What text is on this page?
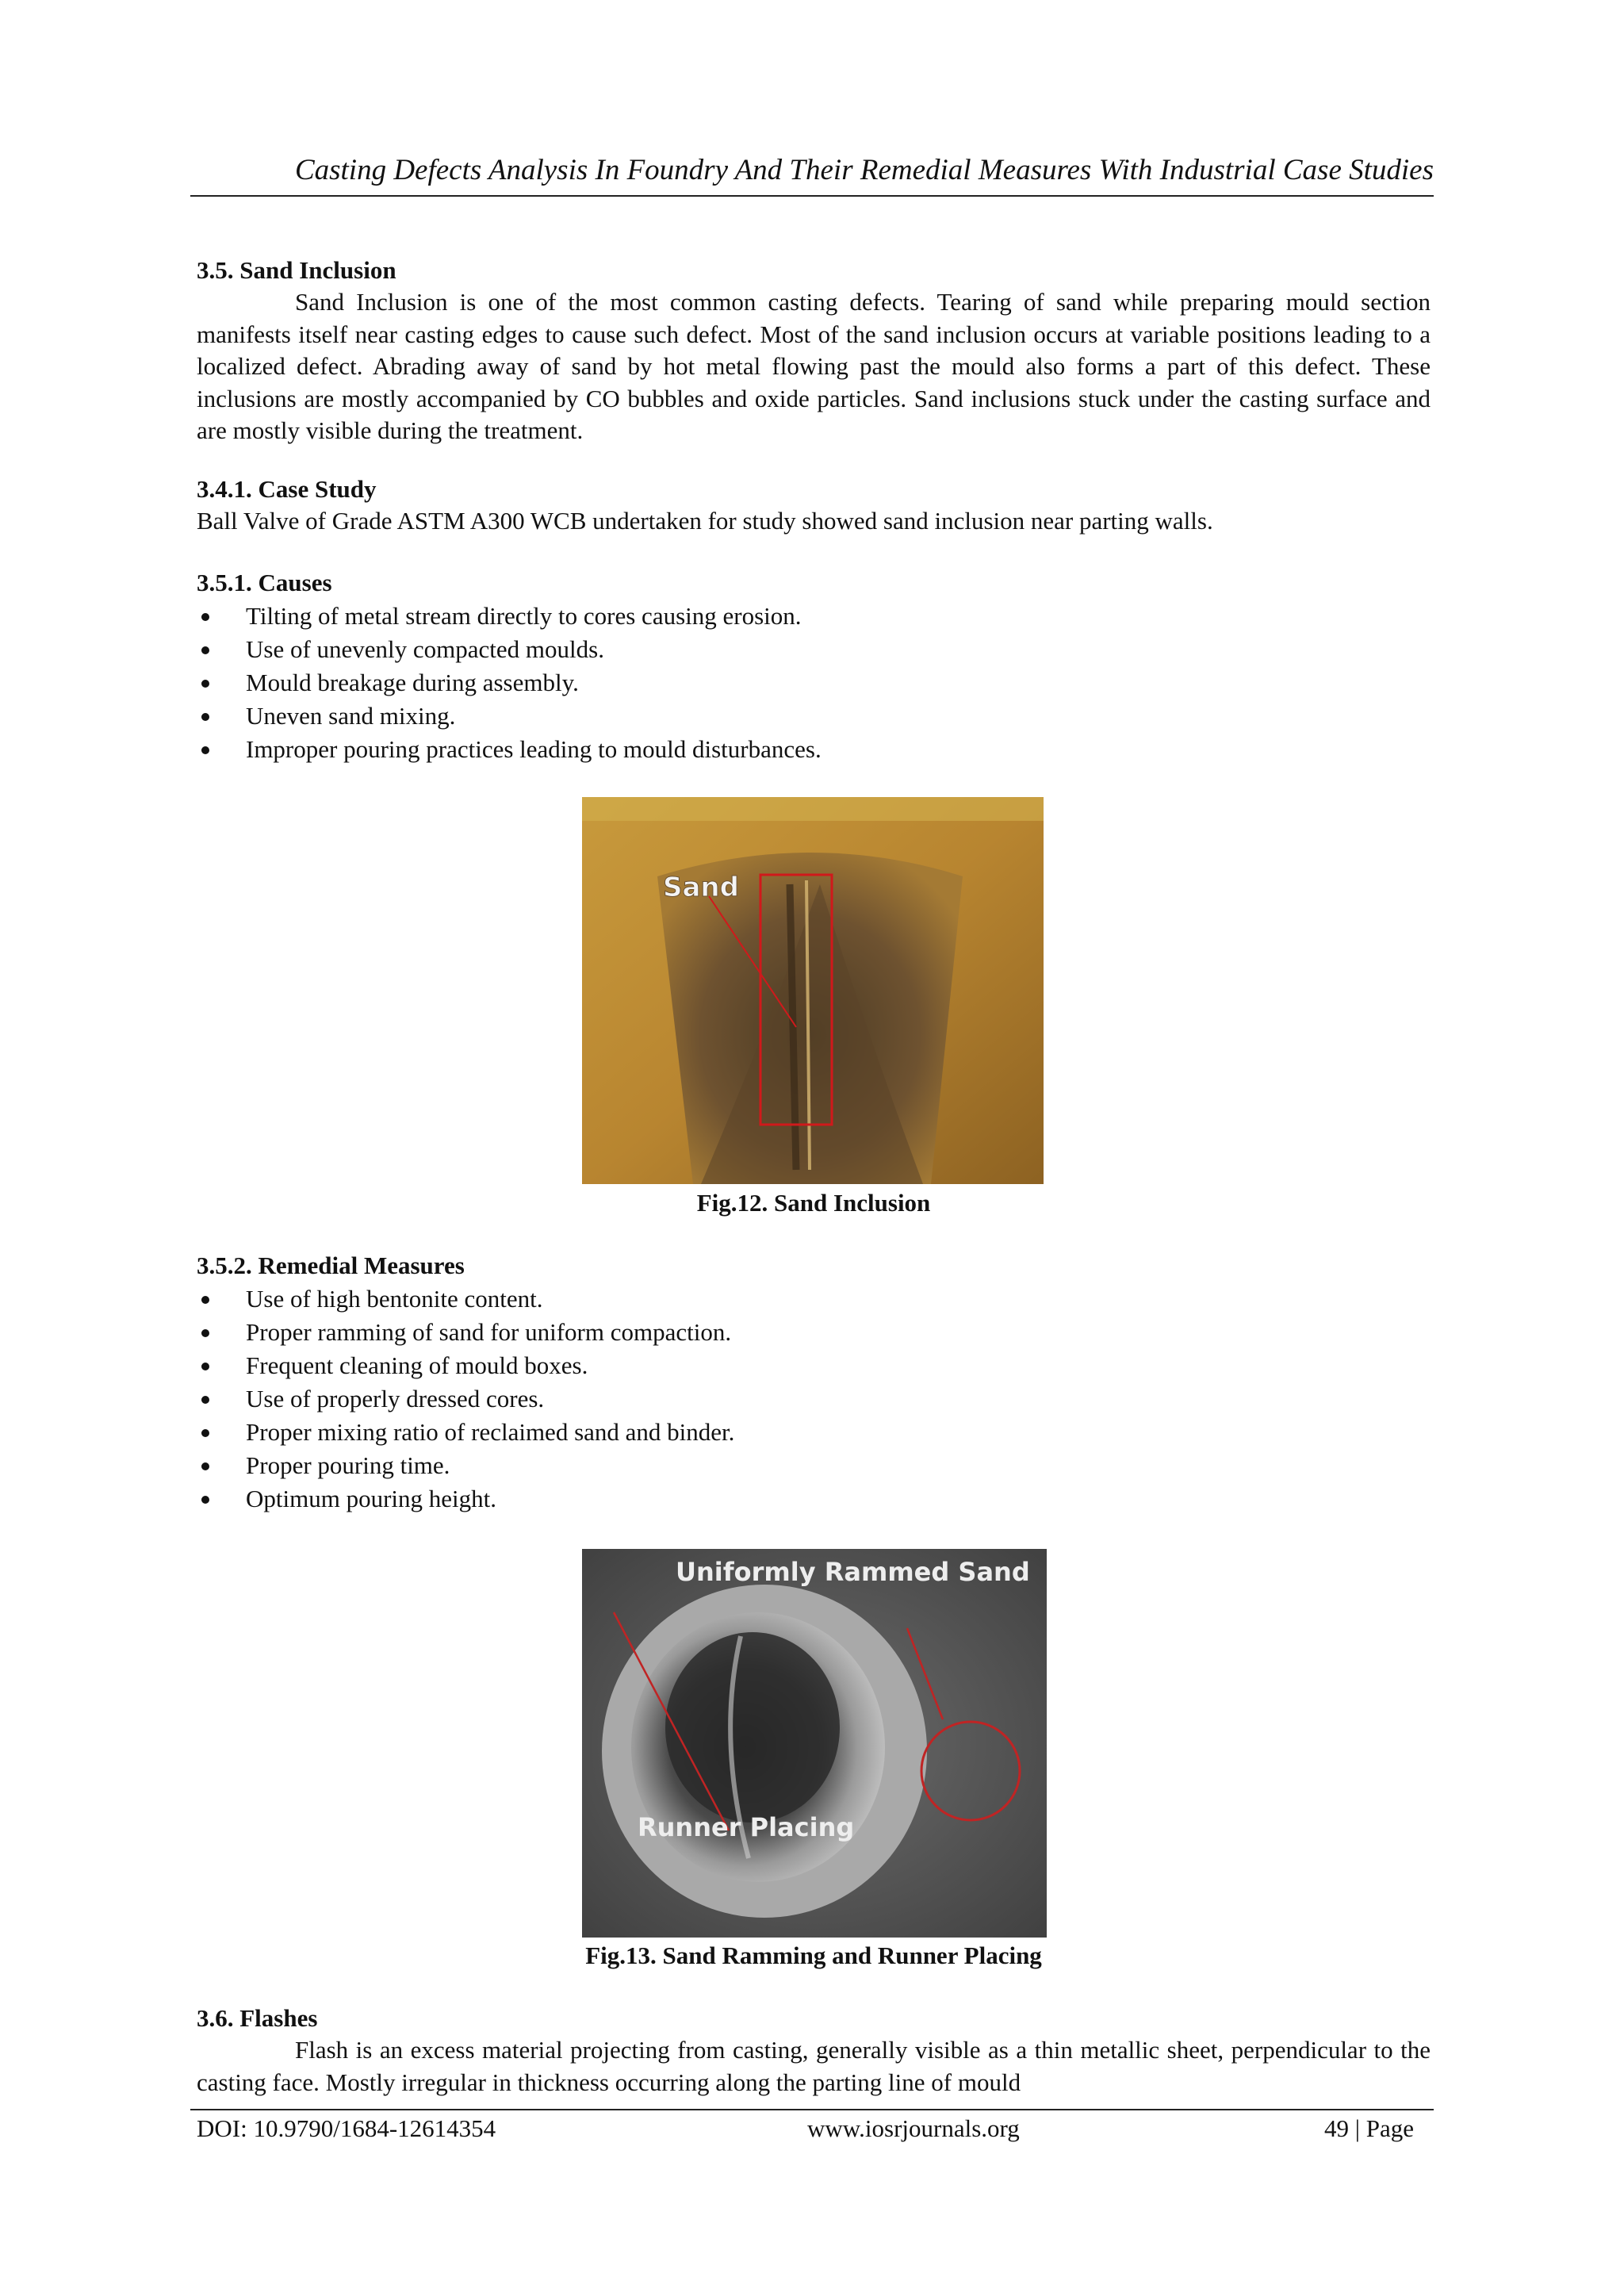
Casting Defects Analysis In Foundry And Their Remedial Measures With Industrial Case Studies
3.5. Sand Inclusion

Sand Inclusion is one of the most common casting defects. Tearing of sand while preparing mould section manifests itself near casting edges to cause such defect. Most of the sand inclusion occurs at variable positions leading to a localized defect. Abrading away of sand by hot metal flowing past the mould also forms a part of this defect. These inclusions are mostly accompanied by CO bubbles and oxide particles. Sand inclusions stuck under the casting surface and are mostly visible during the treatment.

3.4.1. Case Study

Ball Valve of Grade ASTM A300 WCB undertaken for study showed sand inclusion near parting walls.

3.5.1. Causes
Tilting of metal stream directly to cores causing erosion.
Use of unevenly compacted moulds.
Mould breakage during assembly.
Uneven sand mixing.
Improper pouring practices leading to mould disturbances.
Sand
Fig.12. Sand Inclusion
3.5.2. Remedial Measures
Use of high bentonite content.
Proper ramming of sand for uniform compaction.
Frequent cleaning of mould boxes.
Use of properly dressed cores.
Proper mixing ratio of reclaimed sand and binder.
Proper pouring time.
Optimum pouring height.
Uniformly Rammed Sand
Runner Placing
Fig.13. Sand Ramming and Runner Placing
3.6. Flashes

Flash is an excess material projecting from casting, generally visible as a thin metallic sheet, perpendicular to the casting face. Mostly irregular in thickness occurring along the parting line of mould

DOI: 10.9790/1684-12614354	www.iosrjournals.org	49 | Page
